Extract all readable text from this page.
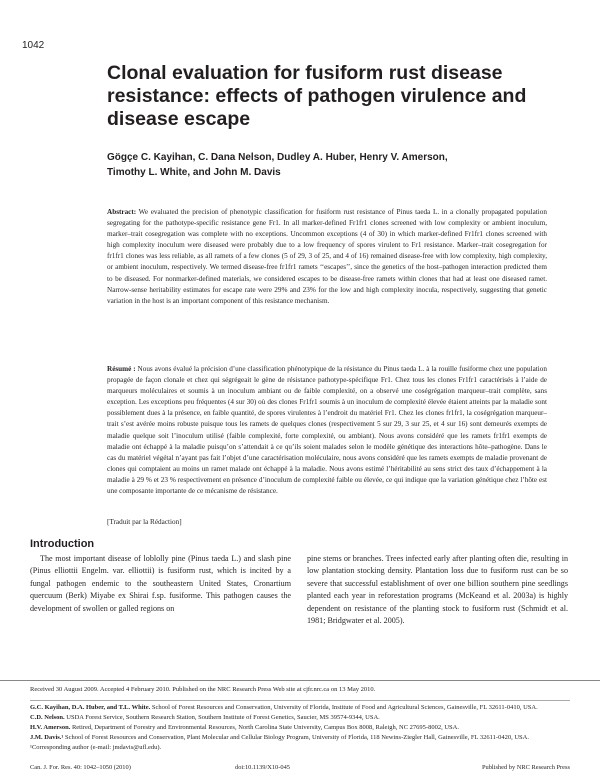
1042
Clonal evaluation for fusiform rust disease
resistance: effects of pathogen virulence and
disease escape
Gögçe C. Kayihan, C. Dana Nelson, Dudley A. Huber, Henry V. Amerson,
Timothy L. White, and John M. Davis
Abstract: We evaluated the precision of phenotypic classification for fusiform rust resistance of Pinus taeda L. in a clonally propagated population segregating for the pathotype-specific resistance gene Fr1. In all marker-defined Fr1fr1 clones screened with low complexity or ambient inoculum, marker–trait cosegregation was complete with no exceptions. Uncommon exceptions (4 of 30) in which marker-defined Fr1fr1 clones screened with high complexity inoculum were diseased were probably due to a low frequency of spores virulent to Fr1 resistance. Marker–trait cosegregation for fr1fr1 clones was less reliable, as all ramets of a few clones (5 of 29, 3 of 25, and 4 of 16) remained disease-free with low complexity, high complexity, or ambient inoculum, respectively. We termed disease-free fr1fr1 ramets ‘‘escapes’’, since the genetics of the host–pathogen interaction predicted them to be diseased. For nonmarker-defined materials, we considered escapes to be disease-free ramets within clones that had at least one diseased ramet. Narrow-sense heritability estimates for escape rate were 29% and 23% for the low and high complexity inocula, respectively, suggesting that genetic variation in the host is an important component of this resistance mechanism.
Résumé : Nous avons évalué la précision d’une classification phénotypique de la résistance du Pinus taeda L. à la rouille fusiforme chez une population propagée de façon clonale et chez qui ségrégeait le gène de résistance pathotype-spécifique Fr1. Chez tous les clones Fr1fr1 caractérisés à l’aide de marqueurs moléculaires et soumis à un inoculum ambiant ou de faible complexité, on a observé une coségrégation marqueur–trait complète, sans exception. Les exceptions peu fréquentes (4 sur 30) où des clones Fr1fr1 soumis à un inoculum de complexité élevée étaient atteints par la maladie sont possiblement dues à la présence, en faible quantité, de spores virulentes à l’endroit du matériel Fr1. Chez les clones fr1fr1, la coségrégation marqueur–trait s’est avérée moins robuste puisque tous les ramets de quelques clones (respectivement 5 sur 29, 3 sur 25, et 4 sur 16) sont demeurés exempts de maladie quelque soit l’inoculum utilisé (faible complexité, forte complexité, ou ambiant). Nous avons considéré que les ramets fr1fr1 exempts de maladie ont échappé à la maladie puisqu’on s’attendait à ce qu’ils soient malades selon le modèle génétique des interactions hôte–pathogène. Dans le cas du matériel végétal n’ayant pas fait l’objet d’une caractérisation moléculaire, nous avons considéré que les ramets exempts de maladie provenant de clones qui comptaient au moins un ramet malade ont échappé à la maladie. Nous avons estimé l’héritabilité au sens strict des taux d’échappement à la maladie à 29 % et 23 % respectivement en présence d’inoculum de complexité faible ou élevée, ce qui indique que la variation génétique chez l’hôte est une composante importante de ce mécanisme de résistance.
[Traduit par la Rédaction]
Introduction
The most important disease of loblolly pine (Pinus taeda L.) and slash pine (Pinus elliottii Engelm. var. elliottii) is fusiform rust, which is incited by a fungal pathogen endemic to the southeastern United States, Cronartium quercuum (Berk) Miyabe ex Shirai f.sp. fusiforme. This pathogen causes the development of swollen or galled regions on
pine stems or branches. Trees infected early after planting often die, resulting in low plantation stocking density. Plantation loss due to fusiform rust can be so severe that successful establishment of over one billion southern pine seedlings planted each year in reforestation programs (McKeand et al. 2003a) is highly dependent on resistance of the planting stock to fusiform rust (Schmidt et al. 1981; Bridgwater et al. 2005).
Received 30 August 2009. Accepted 4 February 2010. Published on the NRC Research Press Web site at cjfr.nrc.ca on 13 May 2010.

G.C. Kayihan, D.A. Huber, and T.L. White. School of Forest Resources and Conservation, University of Florida, Institute of Food and Agricultural Sciences, Gainesville, FL 32611-0410, USA.

C.D. Nelson. USDA Forest Service, Southern Research Station, Southern Institute of Forest Genetics, Saucier, MS 39574-9344, USA.

H.V. Amerson. Retired, Department of Forestry and Environmental Resources, North Carolina State University, Campus Box 8008, Raleigh, NC 27695-8002, USA.

J.M. Davis.¹ School of Forest Resources and Conservation, Plant Molecular and Cellular Biology Program, University of Florida, 118 Newins-Ziegler Hall, Gainesville, FL 32611-0420, USA.

¹Corresponding author (e-mail: jmdavis@ufl.edu).

Can. J. For. Res. 40: 1042–1050 (2010)	doi:10.1139/X10-045	Published by NRC Research Press
